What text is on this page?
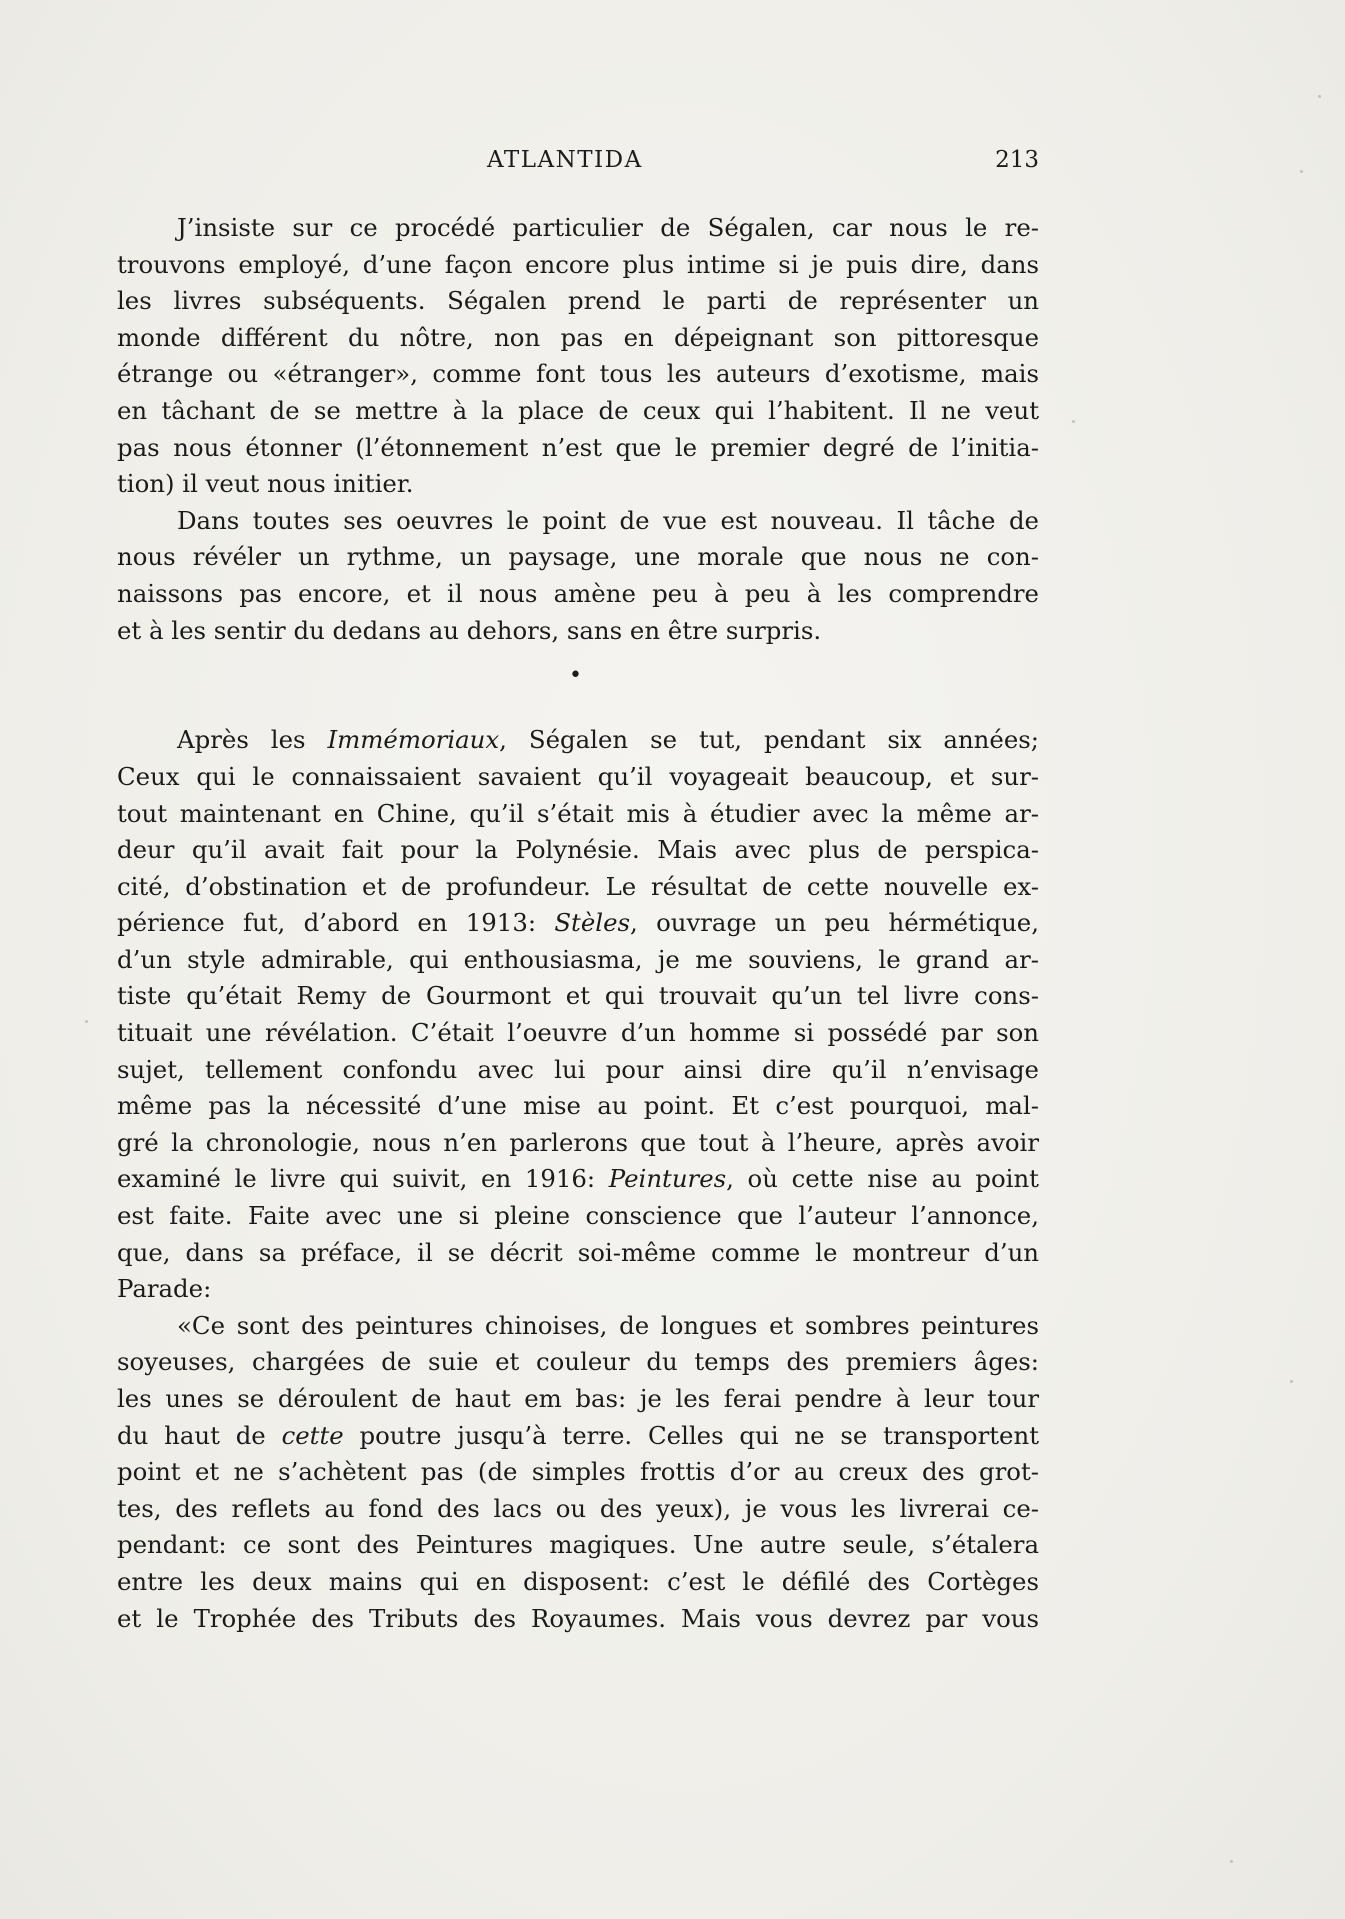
ATLANTIDA	213
J’insiste sur ce procédé particulier de Ségalen, car nous le re-
trouvons employé, d’une façon encore plus intime si je puis dire, dans
les livres subséquents. Ségalen prend le parti de représenter un
monde différent du nôtre, non pas en dépeignant son pittoresque
étrange ou «étranger», comme font tous les auteurs d’exotisme, mais
en tâchant de se mettre à la place de ceux qui l’habitent. Il ne veut
pas nous étonner (l’étonnement n’est que le premier degré de l’initia-
tion) il veut nous initier.
Dans toutes ses oeuvres le point de vue est nouveau. Il tâche de
nous révéler un rythme, un paysage, une morale que nous ne con-
naissons pas encore, et il nous amène peu à peu à les comprendre
et à les sentir du dedans au dehors, sans en être surpris.
•
Après les Immémoriaux, Ségalen se tut, pendant six années;
Ceux qui le connaissaient savaient qu’il voyageait beaucoup, et sur-
tout maintenant en Chine, qu’il s’était mis à étudier avec la même ar-
deur qu’il avait fait pour la Polynésie. Mais avec plus de perspica-
cité, d’obstination et de profundeur. Le résultat de cette nouvelle ex-
périence fut, d’abord en 1913: Stèles, ouvrage un peu hérmétique,
d’un style admirable, qui enthousiasma, je me souviens, le grand ar-
tiste qu’était Remy de Gourmont et qui trouvait qu’un tel livre cons-
tituait une révélation. C’était l’oeuvre d’un homme si possédé par son
sujet, tellement confondu avec lui pour ainsi dire qu’il n’envisage
même pas la nécessité d’une mise au point. Et c’est pourquoi, mal-
gré la chronologie, nous n’en parlerons que tout à l’heure, après avoir
examiné le livre qui suivit, en 1916: Peintures, où cette nise au point
est faite. Faite avec une si pleine conscience que l’auteur l’annonce,
que, dans sa préface, il se décrit soi-même comme le montreur d’un
Parade:
«Ce sont des peintures chinoises, de longues et sombres peintures
soyeuses, chargées de suie et couleur du temps des premiers âges:
les unes se déroulent de haut em bas: je les ferai pendre à leur tour
du haut de cette poutre jusqu’à terre. Celles qui ne se transportent
point et ne s’achètent pas (de simples frottis d’or au creux des grot-
tes, des reflets au fond des lacs ou des yeux), je vous les livrerai ce-
pendant: ce sont des Peintures magiques. Une autre seule, s’étalera
entre les deux mains qui en disposent: c’est le défilé des Cortèges
et le Trophée des Tributs des Royaumes. Mais vous devrez par vous
